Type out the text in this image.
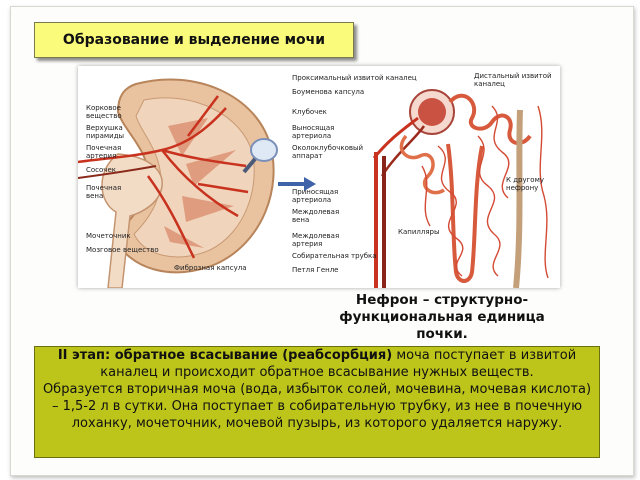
Образование и выделение мочи
Корковое
вещество
Верхушка
пирамиды
Почечная
артерия
Сосочек
Почечная
вена
Мочеточник
Мозговое вещество
Фиброзная капсула
Проксимальный извитой каналец
Боуменова капсула
Клубочек
Выносящая
артериола
Околоклубочковый
аппарат
Приносящая
артериола
Междолевая
вена
Междолевая
артерия
Собирательная трубка
Петля Генле
Дистальный извитой
каналец
К другому
нефрону
Капилляры
Нефрон – структурно-функциональная единица почки.

II этап: обратное всасывание (реабсорбция) моча поступает в извитой каналец и происходит обратное всасывание нужных веществ.

Образуется вторичная моча (вода, избыток солей, мочевина, мочевая кислота) – 1,5-2 л в сутки. Она поступает в собирательную трубку, из нее в почечную лоханку, мочеточник, мочевой пузырь, из которого удаляется наружу.
